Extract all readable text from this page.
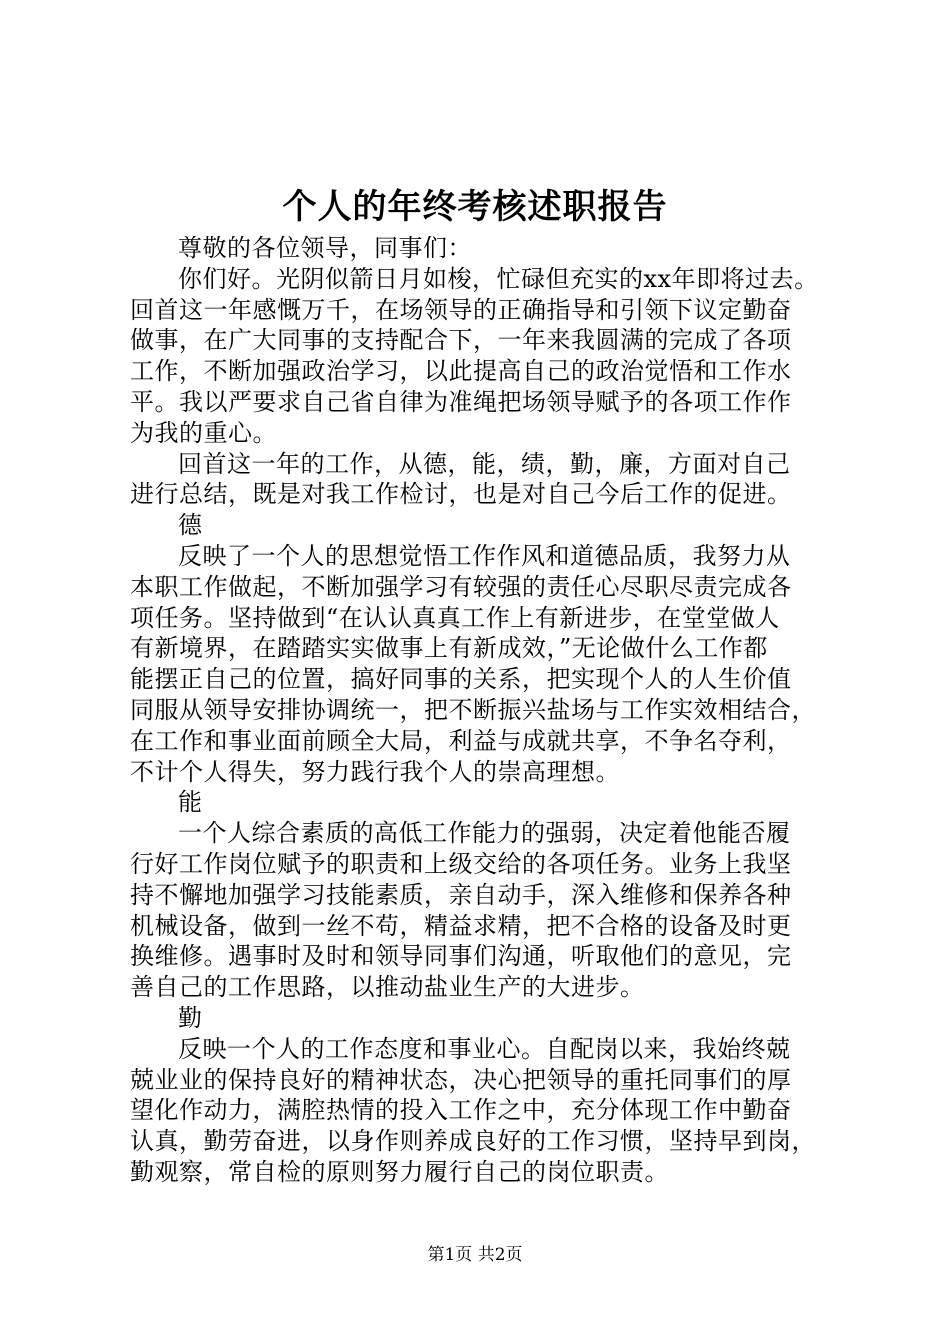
个人的年终考核述职报告
尊敬的各位领导，同事们：
你们好。光阴似箭日月如梭，忙碌但充实的xx年即将过去。
回首这一年感慨万千，在场领导的正确指导和引领下议定勤奋
做事，在广大同事的支持配合下，一年来我圆满的完成了各项
工作，不断加强政治学习，以此提高自己的政治觉悟和工作水
平。我以严要求自己省自律为准绳把场领导赋予的各项工作作
为我的重心。
回首这一年的工作，从德，能，绩，勤，廉，方面对自己
进行总结，既是对我工作检讨，也是对自己今后工作的促进。
德
反映了一个人的思想觉悟工作作风和道德品质，我努力从
本职工作做起，不断加强学习有较强的责任心尽职尽责完成各
项任务。坚持做到“在认认真真工作上有新进步，在堂堂做人
有新境界，在踏踏实实做事上有新成效，”无论做什么工作都
能摆正自己的位置，搞好同事的关系，把实现个人的人生价值
同服从领导安排协调统一，把不断振兴盐场与工作实效相结合，
在工作和事业面前顾全大局，利益与成就共享，不争名夺利，
不计个人得失，努力践行我个人的崇高理想。
能
一个人综合素质的高低工作能力的强弱，决定着他能否履
行好工作岗位赋予的职责和上级交给的各项任务。业务上我坚
持不懈地加强学习技能素质，亲自动手，深入维修和保养各种
机械设备，做到一丝不苟，精益求精，把不合格的设备及时更
换维修。遇事时及时和领导同事们沟通，听取他们的意见，完
善自己的工作思路，以推动盐业生产的大进步。
勤
反映一个人的工作态度和事业心。自配岗以来，我始终兢
兢业业的保持良好的精神状态，决心把领导的重托同事们的厚
望化作动力，满腔热情的投入工作之中，充分体现工作中勤奋
认真，勤劳奋进，以身作则养成良好的工作习惯，坚持早到岗，
勤观察，常自检的原则努力履行自己的岗位职责。
第1页 共2页
